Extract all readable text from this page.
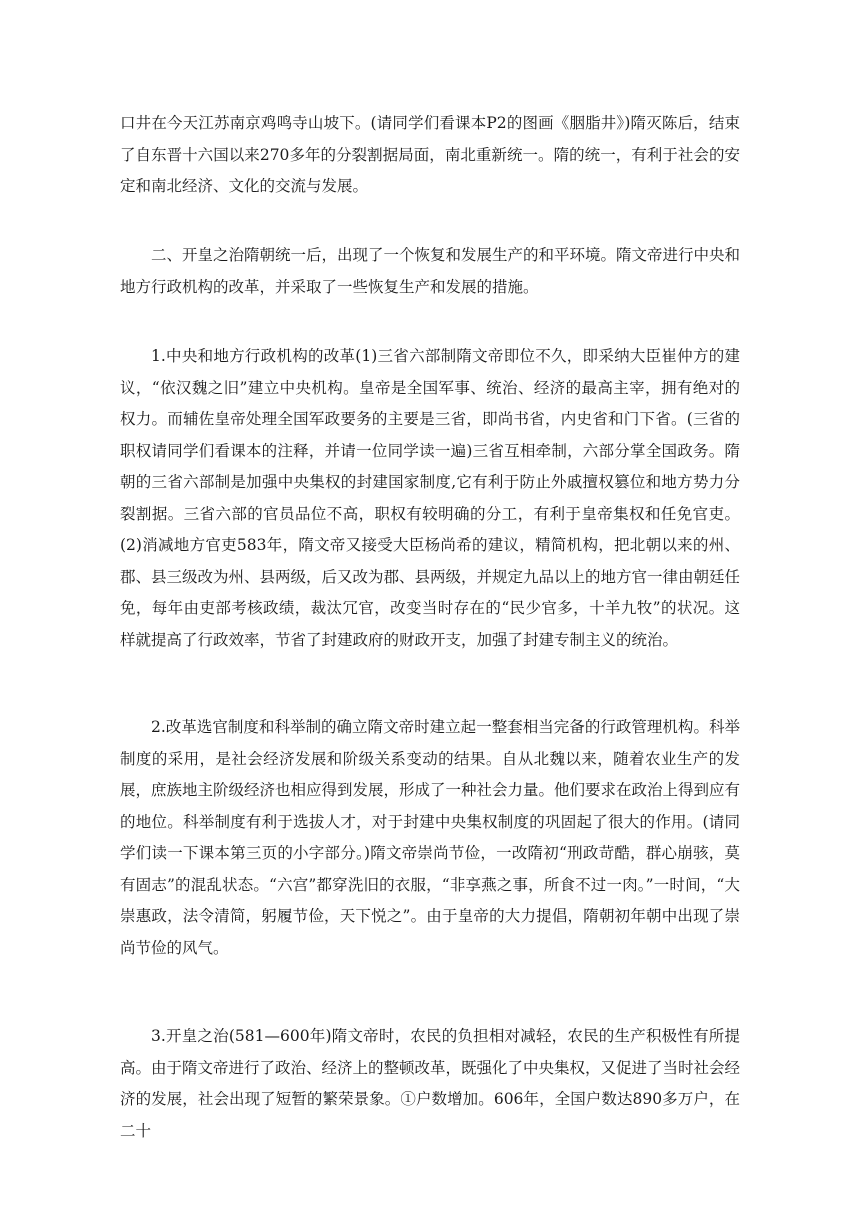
口井在今天江苏南京鸡鸣寺山坡下。(请同学们看课本P2的图画《胭脂井》)隋灭陈后，结束了自东晋十六国以来270多年的分裂割据局面，南北重新统一。隋的统一，有利于社会的安定和南北经济、文化的交流与发展。

二、开皇之治隋朝统一后，出现了一个恢复和发展生产的和平环境。隋文帝进行中央和地方行政机构的改革，并采取了一些恢复生产和发展的措施。

1.中央和地方行政机构的改革(1)三省六部制隋文帝即位不久，即采纳大臣崔仲方的建议，“依汉魏之旧”建立中央机构。皇帝是全国军事、统治、经济的最高主宰，拥有绝对的权力。而辅佐皇帝处理全国军政要务的主要是三省，即尚书省，内史省和门下省。(三省的职权请同学们看课本的注释，并请一位同学读一遍)三省互相牵制，六部分掌全国政务。隋朝的三省六部制是加强中央集权的封建国家制度,它有利于防止外戚擅权篡位和地方势力分裂割据。三省六部的官员品位不高，职权有较明确的分工，有利于皇帝集权和任免官吏。(2)消减地方官吏583年，隋文帝又接受大臣杨尚希的建议，精简机构，把北朝以来的州、郡、县三级改为州、县两级，后又改为郡、县两级，并规定九品以上的地方官一律由朝廷任免，每年由吏部考核政绩，裁汰冗官，改变当时存在的“民少官多，十羊九牧”的状况。这样就提高了行政效率，节省了封建政府的财政开支，加强了封建专制主义的统治。

2.改革选官制度和科举制的确立隋文帝时建立起一整套相当完备的行政管理机构。科举制度的采用，是社会经济发展和阶级关系变动的结果。自从北魏以来，随着农业生产的发展，庶族地主阶级经济也相应得到发展，形成了一种社会力量。他们要求在政治上得到应有的地位。科举制度有利于选拔人才，对于封建中央集权制度的巩固起了很大的作用。(请同学们读一下课本第三页的小字部分。)隋文帝崇尚节俭，一改隋初“刑政苛酷，群心崩骇，莫有固志”的混乱状态。“六宫”都穿洗旧的衣服，“非享燕之事，所食不过一肉。”一时间，“大崇惠政，法令清简，躬履节俭，天下悦之”。由于皇帝的大力提倡，隋朝初年朝中出现了崇尚节俭的风气。

3.开皇之治(581—600年)隋文帝时，农民的负担相对减轻，农民的生产积极性有所提高。由于隋文帝进行了政治、经济上的整顿改革，既强化了中央集权，又促进了当时社会经济的发展，社会出现了短暂的繁荣景象。①户数增加。606年，全国户数达890多万户，在二十
